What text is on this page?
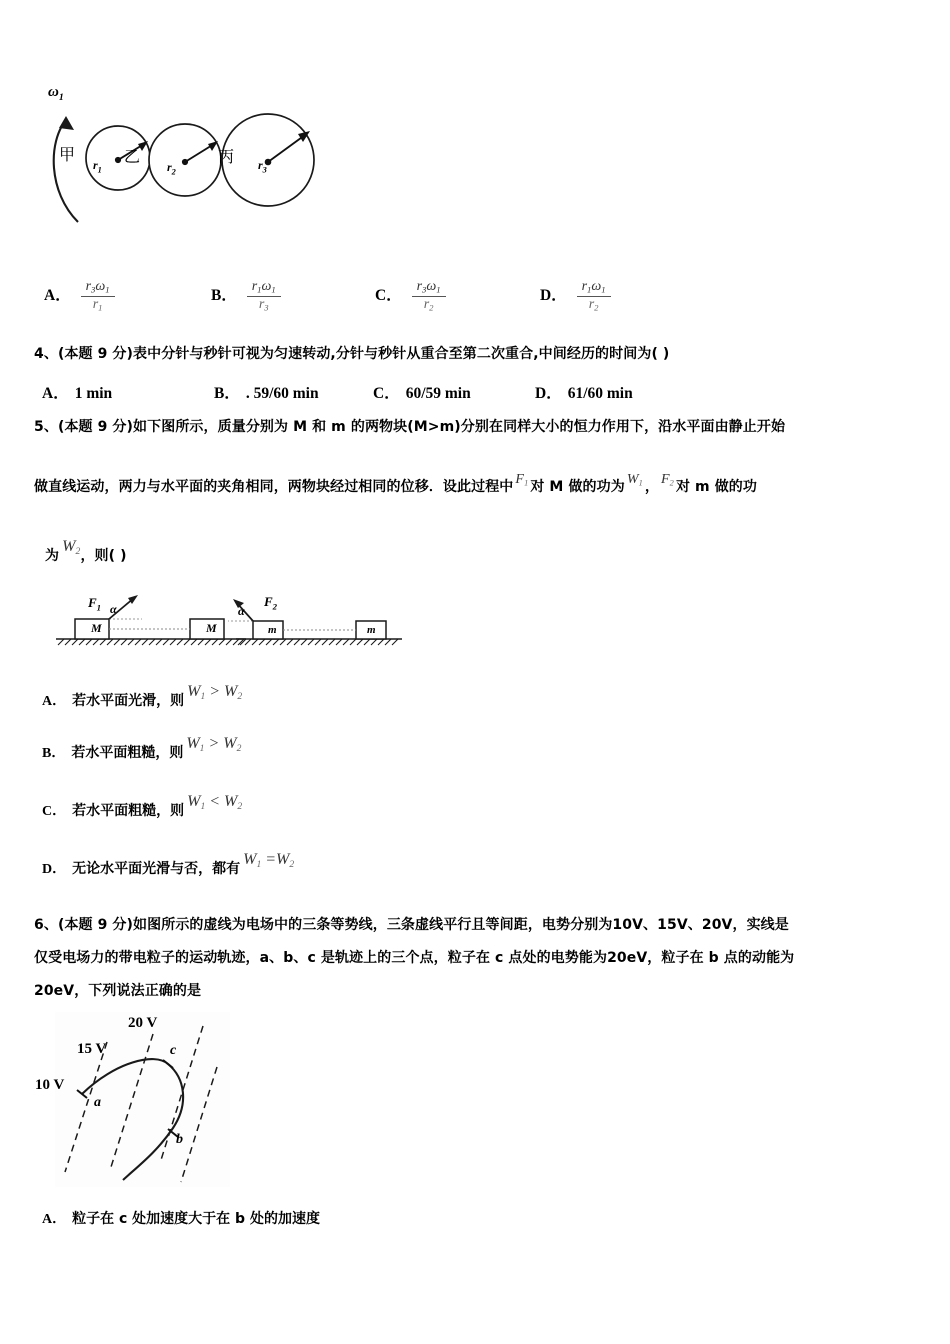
$\omega_1$
甲	乙	丙
$r_1$	$r_2$	$r_3$
A． $\frac{r_3\omega_1}{r_1}$	B． $\frac{r_1\omega_1}{r_3}$	C． $\frac{r_3\omega_1}{r_2}$	D． $\frac{r_1\omega_1}{r_2}$
4、(本题 9 分)表中分针与秒针可视为匀速转动,分针与秒针从重合至第二次重合,中间经历的时间为( )
A． 1 min	B． . 59/60 min	C． 60/59 min	D． 61/60 min
5、(本题 9 分)如下图所示，质量分别为 M 和 m 的两物块(M>m)分别在同样大小的恒力作用下，沿水平面由静止开始
做直线运动，两力与水平面的夹角相同，两物块经过相同的位移．设此过程中 $F_1$ 对 M 做的功为 $W_1$ ， $F_2$ 对 m 做的功
为$W_2$，则( )
$F_1$ α
M	M
$F_2$
α
m	m
A． 若水平面光滑，则$W_1 > W_2$
B． 若水平面粗糙，则$W_1 > W_2$
C． 若水平面粗糙，则$W_1 < W_2$
D． 无论水平面光滑与否，都有$W_1 =W_2$
6、(本题 9 分)如图所示的虚线为电场中的三条等势线，三条虚线平行且等间距，电势分别为10V、15V、20V，实线是
仅受电场力的带电粒子的运动轨迹，a、b、c 是轨迹上的三个点，粒子在 c 点处的电势能为20eV，粒子在 b 点的动能为
20eV，下列说法正确的是
10 V
15 V
20 V
a
b
c
A． 粒子在 c 处加速度大于在 b 处的加速度
